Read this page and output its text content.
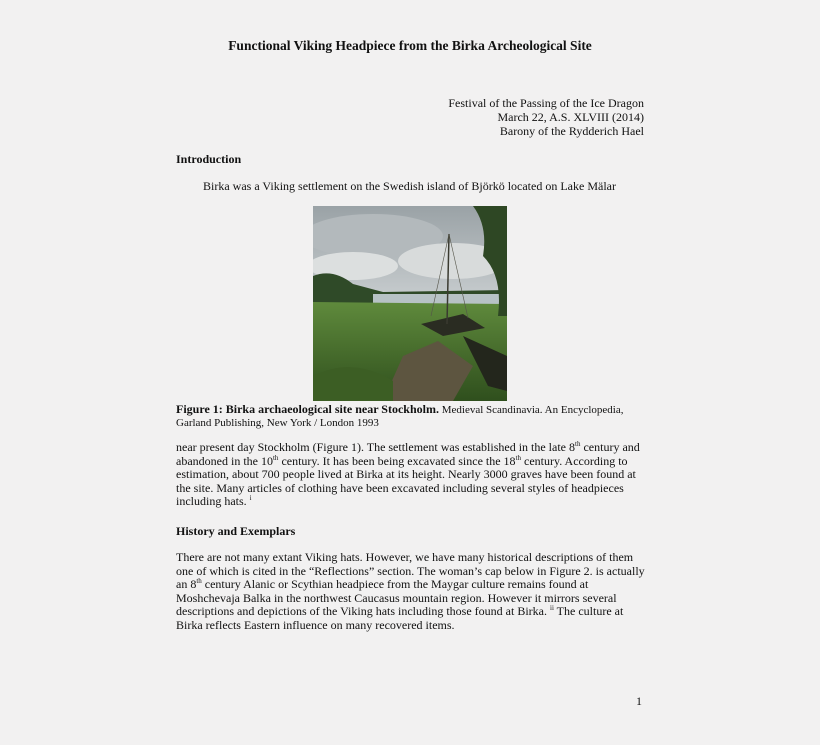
Functional Viking Headpiece from the Birka Archeological Site
Festival of the Passing of the Ice Dragon
March 22, A.S. XLVIII (2014)
Barony of the Rydderich Hael
Introduction
Birka was a Viking settlement on the Swedish island of Björkö located on Lake Mälar
Figure 1: Birka archaeological site near Stockholm. Medieval Scandinavia. An Encyclopedia, Garland Publishing, New York / London 1993

near present day Stockholm (Figure 1). The settlement was established in the late 8th century and abandoned in the 10th century. It has been being excavated since the 18th century. According to estimation, about 700 people lived at Birka at its height. Nearly 3000 graves have been found at the site. Many articles of clothing have been excavated including several styles of headpieces including hats. $^i$

History and Exemplars

There are not many extant Viking hats. However, we have many historical descriptions of them one of which is cited in the “Reflections” section. The woman’s cap below in Figure 2. is actually an 8th century Alanic or Scythian headpiece from the Maygar culture remains found at Moshchevaja Balka in the northwest Caucasus mountain region. However it mirrors several descriptions and depictions of the Viking hats including those found at Birka. $^{ii}$ The culture at Birka reflects Eastern influence on many recovered items.

1
